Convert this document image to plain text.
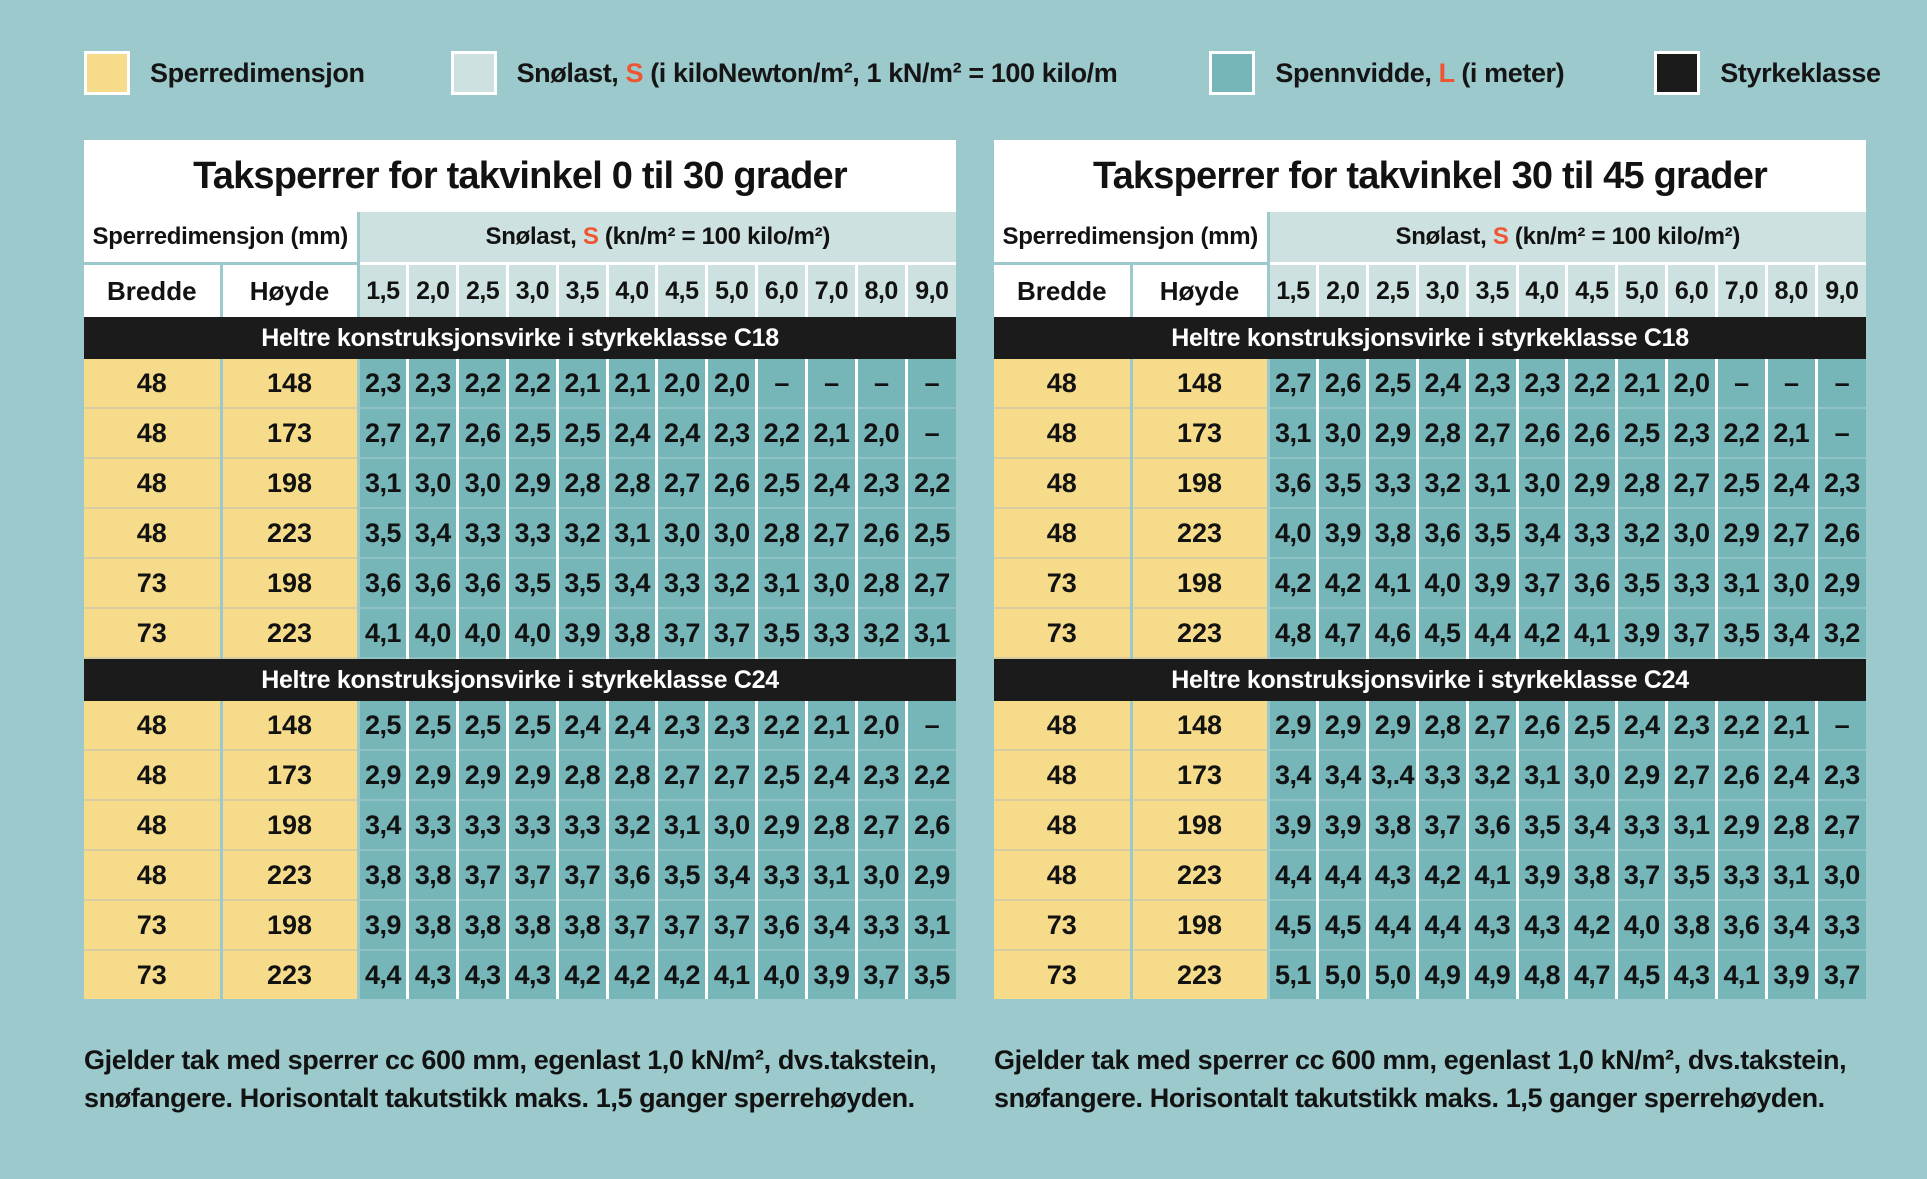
Sperredimensjon	Snølast, S (i kiloNewton/m², 1 kN/m² = 100 kilo/m	Spennvidde, L (i meter)	Styrkeklasse
Taksperrer for takvinkel 0 til 30 grader													
Sperredimensjon (mm)		Snølast, S (kn/m² = 100 kilo/m²)											
Bredde	Høyde	1,5	2,0	2,5	3,0	3,5	4,0	4,5	5,0	6,0	7,0	8,0	9,0
Heltre konstruksjonsvirke i styrkeklasse C18													
48	148	2,3	2,3	2,2	2,2	2,1	2,1	2,0	2,0	–	–	–	–
48	173	2,7	2,7	2,6	2,5	2,5	2,4	2,4	2,3	2,2	2,1	2,0	–
48	198	3,1	3,0	3,0	2,9	2,8	2,8	2,7	2,6	2,5	2,4	2,3	2,2
48	223	3,5	3,4	3,3	3,3	3,2	3,1	3,0	3,0	2,8	2,7	2,6	2,5
73	198	3,6	3,6	3,6	3,5	3,5	3,4	3,3	3,2	3,1	3,0	2,8	2,7
73	223	4,1	4,0	4,0	4,0	3,9	3,8	3,7	3,7	3,5	3,3	3,2	3,1
Heltre konstruksjonsvirke i styrkeklasse C24													
48	148	2,5	2,5	2,5	2,5	2,4	2,4	2,3	2,3	2,2	2,1	2,0	–
48	173	2,9	2,9	2,9	2,9	2,8	2,8	2,7	2,7	2,5	2,4	2,3	2,2
48	198	3,4	3,3	3,3	3,3	3,3	3,2	3,1	3,0	2,9	2,8	2,7	2,6
48	223	3,8	3,8	3,7	3,7	3,7	3,6	3,5	3,4	3,3	3,1	3,0	2,9
73	198	3,9	3,8	3,8	3,8	3,8	3,7	3,7	3,7	3,6	3,4	3,3	3,1
73	223	4,4	4,3	4,3	4,3	4,2	4,2	4,2	4,1	4,0	3,9	3,7	3,5
Taksperrer for takvinkel 30 til 45 grader													
Sperredimensjon (mm)		Snølast, S (kn/m² = 100 kilo/m²)											
Bredde	Høyde	1,5	2,0	2,5	3,0	3,5	4,0	4,5	5,0	6,0	7,0	8,0	9,0
Heltre konstruksjonsvirke i styrkeklasse C18													
48	148	2,7	2,6	2,5	2,4	2,3	2,3	2,2	2,1	2,0	–	–	–
48	173	3,1	3,0	2,9	2,8	2,7	2,6	2,6	2,5	2,3	2,2	2,1	–
48	198	3,6	3,5	3,3	3,2	3,1	3,0	2,9	2,8	2,7	2,5	2,4	2,3
48	223	4,0	3,9	3,8	3,6	3,5	3,4	3,3	3,2	3,0	2,9	2,7	2,6
73	198	4,2	4,2	4,1	4,0	3,9	3,7	3,6	3,5	3,3	3,1	3,0	2,9
73	223	4,8	4,7	4,6	4,5	4,4	4,2	4,1	3,9	3,7	3,5	3,4	3,2
Heltre konstruksjonsvirke i styrkeklasse C24													
48	148	2,9	2,9	2,9	2,8	2,7	2,6	2,5	2,4	2,3	2,2	2,1	–
48	173	3,4	3,4	3,.4	3,3	3,2	3,1	3,0	2,9	2,7	2,6	2,4	2,3
48	198	3,9	3,9	3,8	3,7	3,6	3,5	3,4	3,3	3,1	2,9	2,8	2,7
48	223	4,4	4,4	4,3	4,2	4,1	3,9	3,8	3,7	3,5	3,3	3,1	3,0
73	198	4,5	4,5	4,4	4,4	4,3	4,3	4,2	4,0	3,8	3,6	3,4	3,3
73	223	5,1	5,0	5,0	4,9	4,9	4,8	4,7	4,5	4,3	4,1	3,9	3,7
Gjelder tak med sperrer cc 600 mm, egenlast 1,0 kN/m², dvs.takstein, snøfangere. Horisontalt takutstikk maks. 1,5 ganger sperrehøyden.
Gjelder tak med sperrer cc 600 mm, egenlast 1,0 kN/m², dvs.takstein, snøfangere. Horisontalt takutstikk maks. 1,5 ganger sperrehøyden.
